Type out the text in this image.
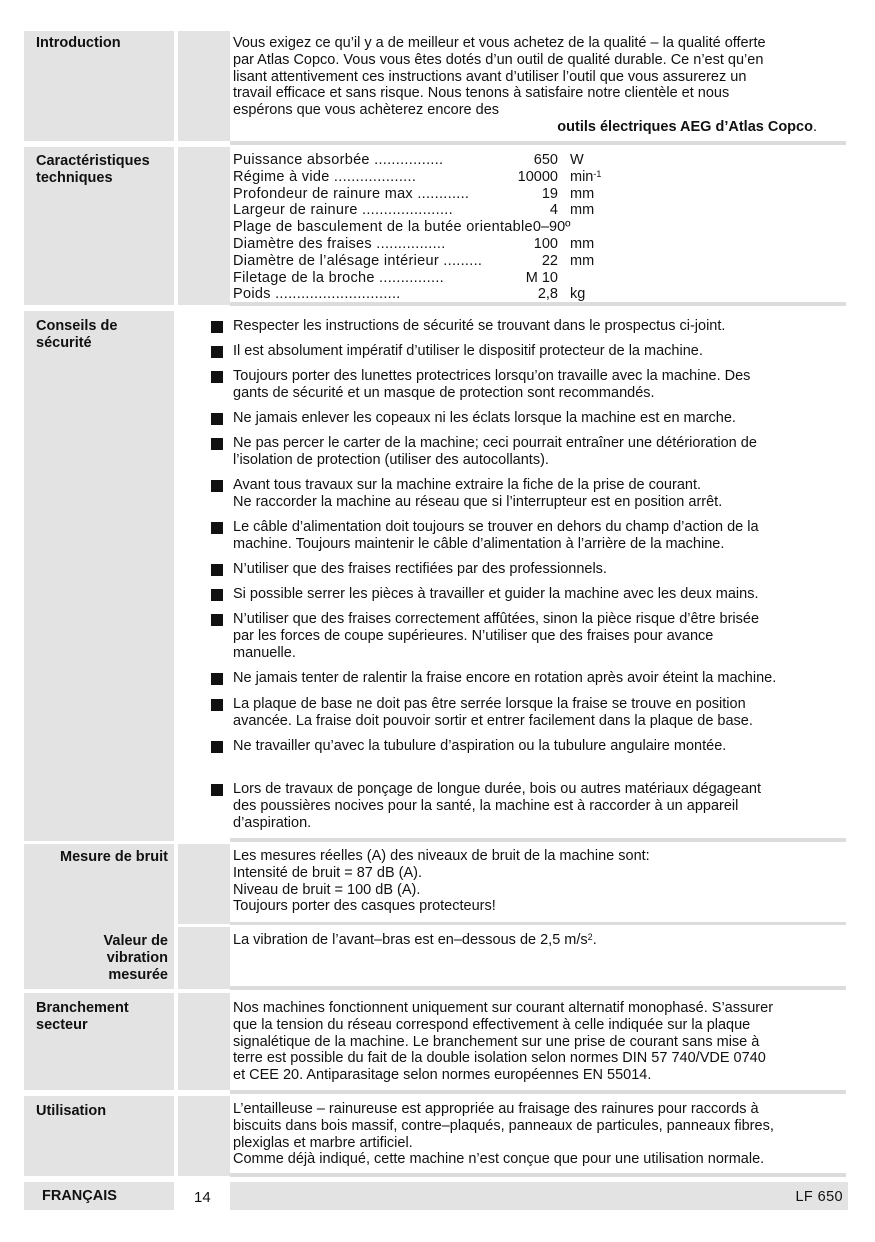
Introduction	Vous exigez ce qu’il y a de meilleur et vous achetez de la qualité – la qualité offerte
par Atlas Copco. Vous vous êtes dotés d’un outil de qualité durable. Ce n’est qu’en
lisant attentivement ces instructions avant d’utiliser l’outil que vous assurerez un
travail efficace et sans risque. Nous tenons à satisfaire notre clientèle et nous
espérons que vous achèterez encore des
outils électriques AEG d’Atlas Copco.
Caractéristiques
techniques
Puissance absorbée ................	650 W
Régime à vide ...................	10000 $\min^{-1}$
Profondeur de rainure max ............	19 mm
Largeur de rainure .....................	4 mm
Plage de basculement de la butée orientable 0–90º
Diamètre des fraises ................	100 mm
Diamètre de l’alésage intérieur .........	22 mm
Filetage de la broche ...............	M 10
Poids .............................	2,8 kg
Conseils de
sécurité
Respecter les instructions de sécurité se trouvant dans le prospectus ci-joint.
Il est absolument impératif d’utiliser le dispositif protecteur de la machine.
Toujours porter des lunettes protectrices lorsqu’on travaille avec la machine. Des
gants de sécurité et un masque de protection sont recommandés.
Ne jamais enlever les copeaux ni les éclats lorsque la machine est en marche.
Ne pas percer le carter de la machine; ceci pourrait entraîner une détérioration de
l’isolation de protection (utiliser des autocollants).
Avant tous travaux sur la machine extraire la fiche de la prise de courant.
Ne raccorder la machine au réseau que si l’interrupteur est en position arrêt.
Le câble d’alimentation doit toujours se trouver en dehors du champ d’action de la
machine. Toujours maintenir le câble d’alimentation à l’arrière de la machine.
N’utiliser que des fraises rectifiées par des professionnels.
Si possible serrer les pièces à travailler et guider la machine avec les deux mains.
N’utiliser que des fraises correctement affûtées, sinon la pièce risque d’être brisée
par les forces de coupe supérieures. N’utiliser que des fraises pour avance
manuelle.
Ne jamais tenter de ralentir la fraise encore en rotation après avoir éteint la machine.
La plaque de base ne doit pas être serrée lorsque la fraise se trouve en position
avancée. La fraise doit pouvoir sortir et entrer facilement dans la plaque de base.
Ne travailler qu’avec la tubulure d’aspiration ou la tubulure angulaire montée.
Lors de travaux de ponçage de longue durée, bois ou autres matériaux dégageant
des poussières nocives pour la santé, la machine est à raccorder à un appareil
d’aspiration.
Mesure de bruit	Les mesures réelles (A) des niveaux de bruit de la machine sont:
Intensité de bruit = 87 dB (A).
Niveau de bruit = 100 dB (A).
Toujours porter des casques protecteurs!
Valeur de
vibration
mesurée
La vibration de l’avant–bras est en–dessous de 2,5 $m/s^2$.
Branchement
secteur
Nos machines fonctionnent uniquement sur courant alternatif monophasé. S’assurer
que la tension du réseau correspond effectivement à celle indiquée sur la plaque
signalétique de la machine. Le branchement sur une prise de courant sans mise à
terre est possible du fait de la double isolation selon normes DIN 57 740/VDE 0740
et CEE 20. Antiparasitage selon normes européennes EN 55014.
Utilisation	L’entailleuse – rainureuse est appropriée au fraisage des rainures pour raccords à
biscuits dans bois massif, contre–plaqués, panneaux de particules, panneaux fibres,
plexiglas et marbre artificiel.
Comme déjà indiqué, cette machine n’est conçue que pour une utilisation normale.
FRANÇAIS	14	LF 650
